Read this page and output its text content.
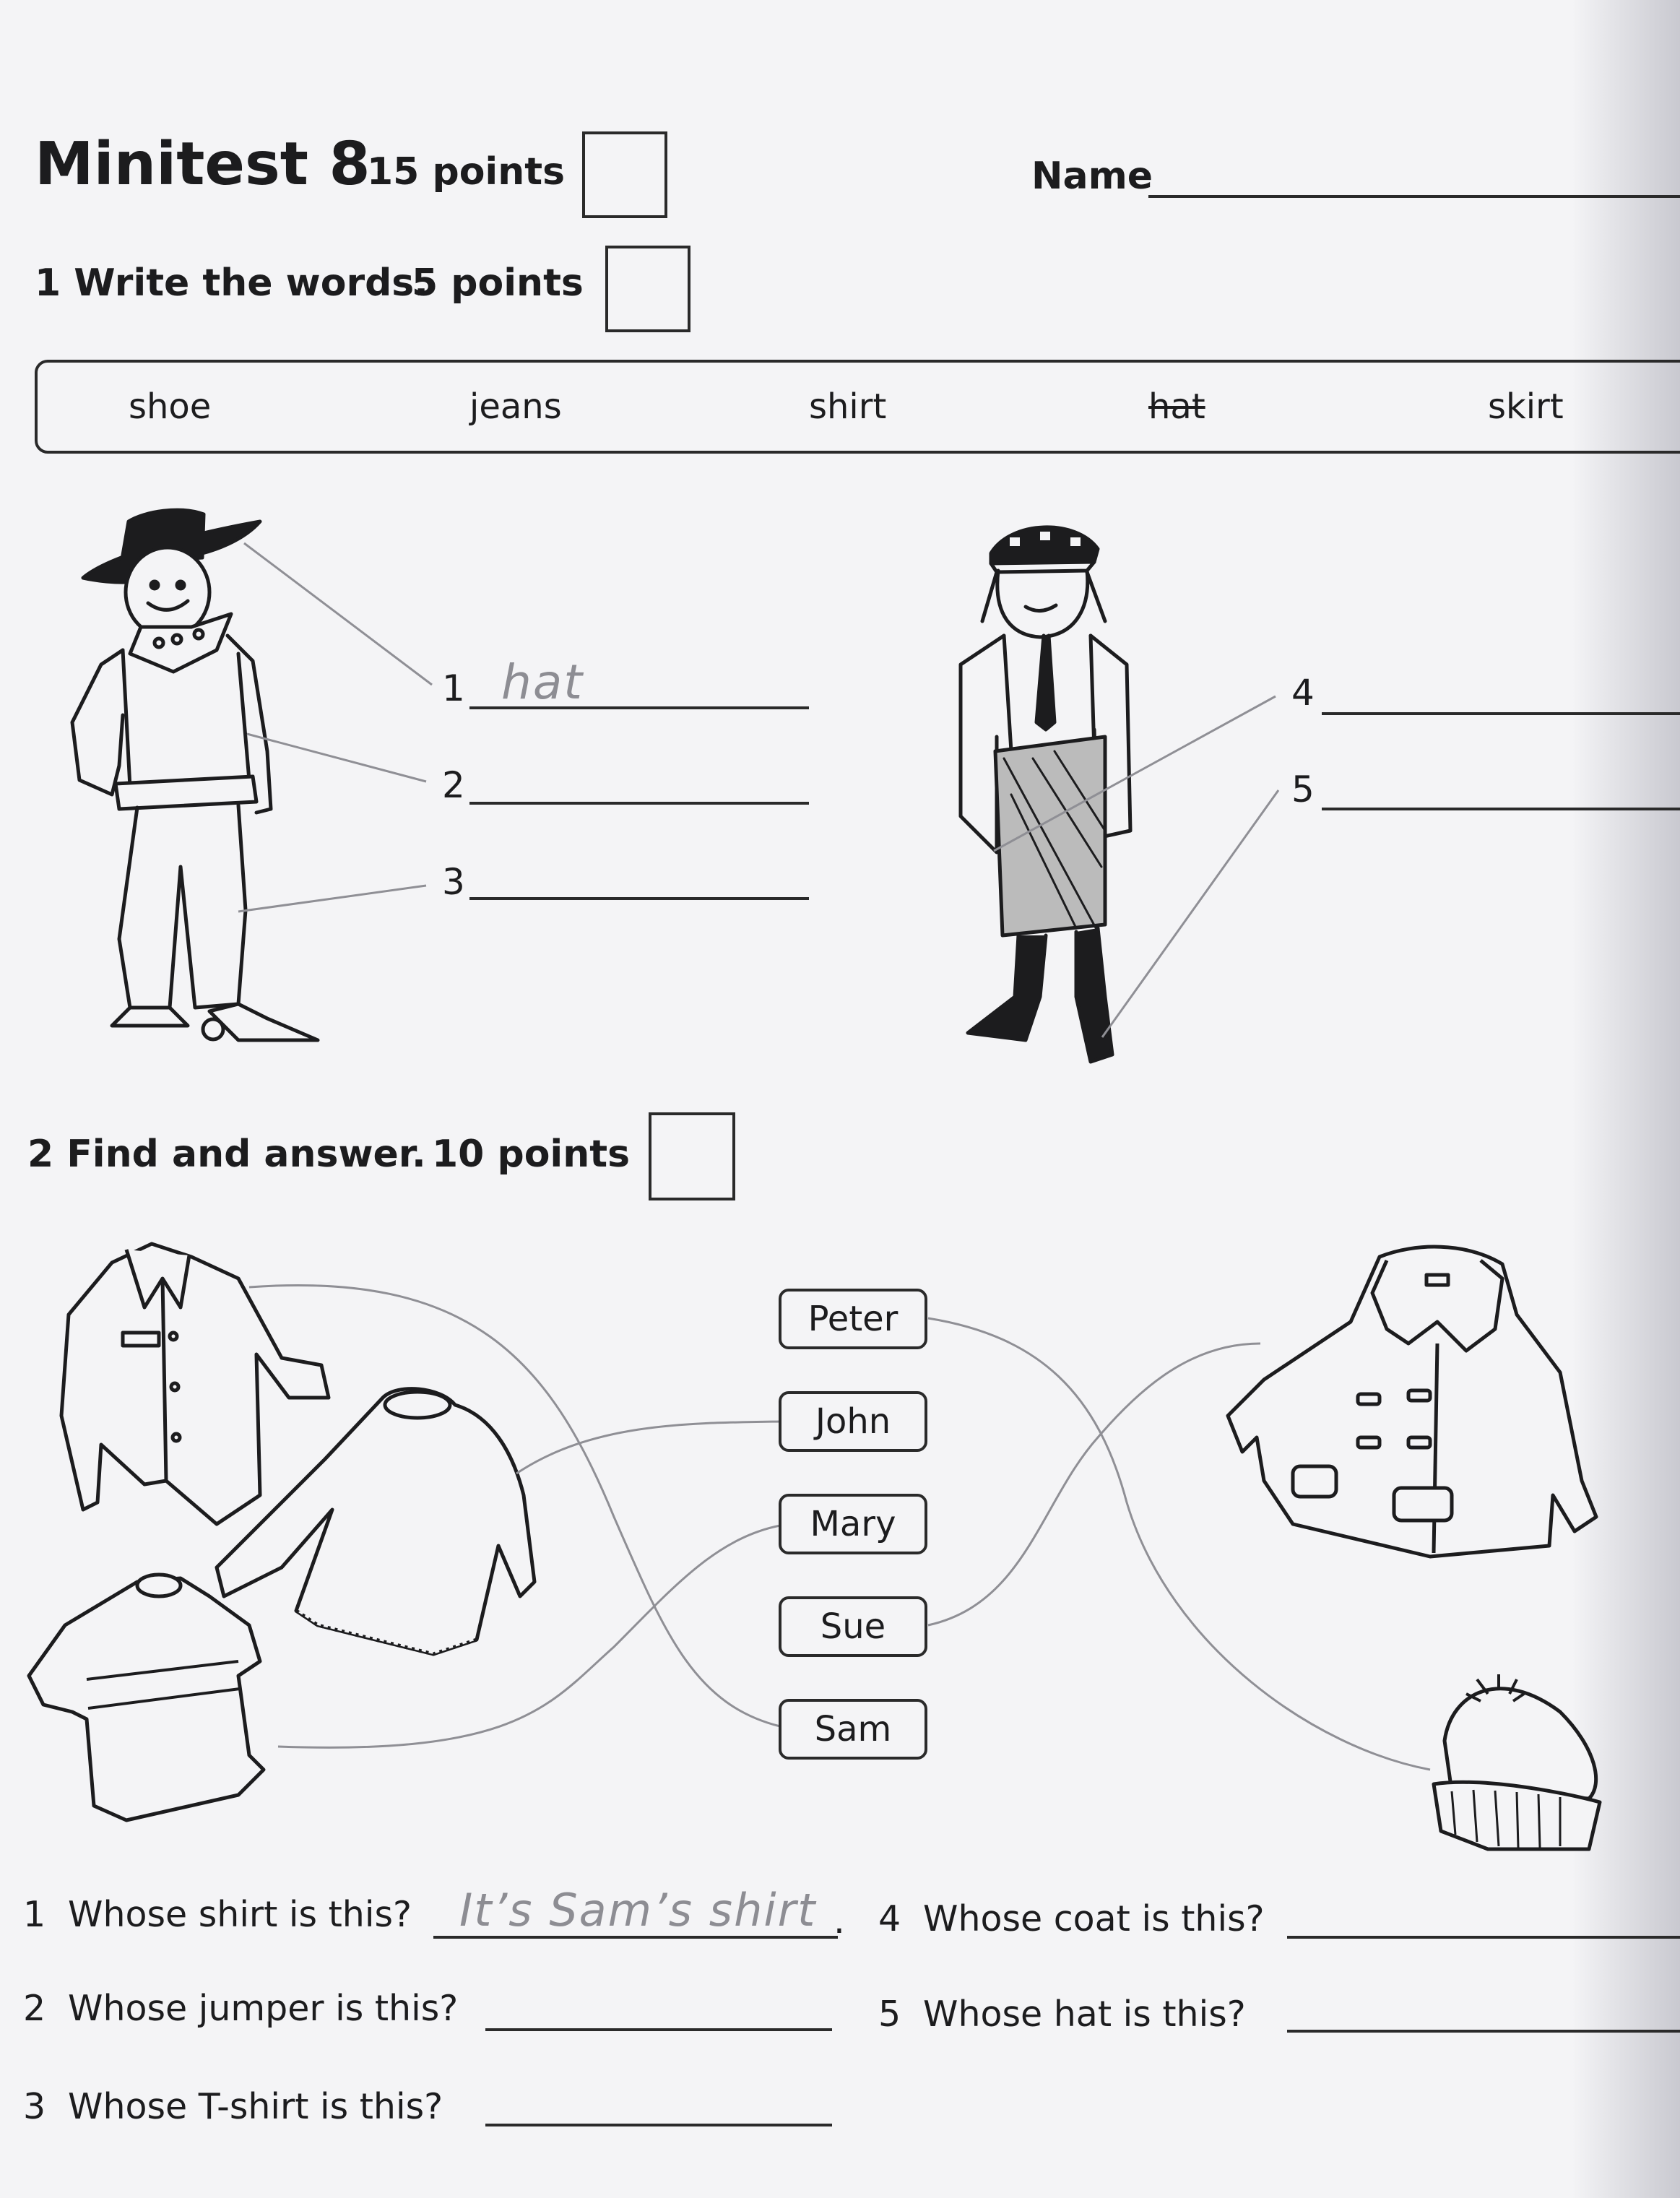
Minitest 8
15 points	Name
1 Write the words.
5 points
shoe	jeans	shirt	hat	skirt
1 hat
2
3
4
5
2 Find and answer. 10 points
Peter
John
Mary
Sue
Sam
1 Whose shirt is this? It’s Sam’s shirt .
2 Whose jumper is this?
3 Whose T-shirt is this?
4 Whose coat is this?
5 Whose hat is this?
